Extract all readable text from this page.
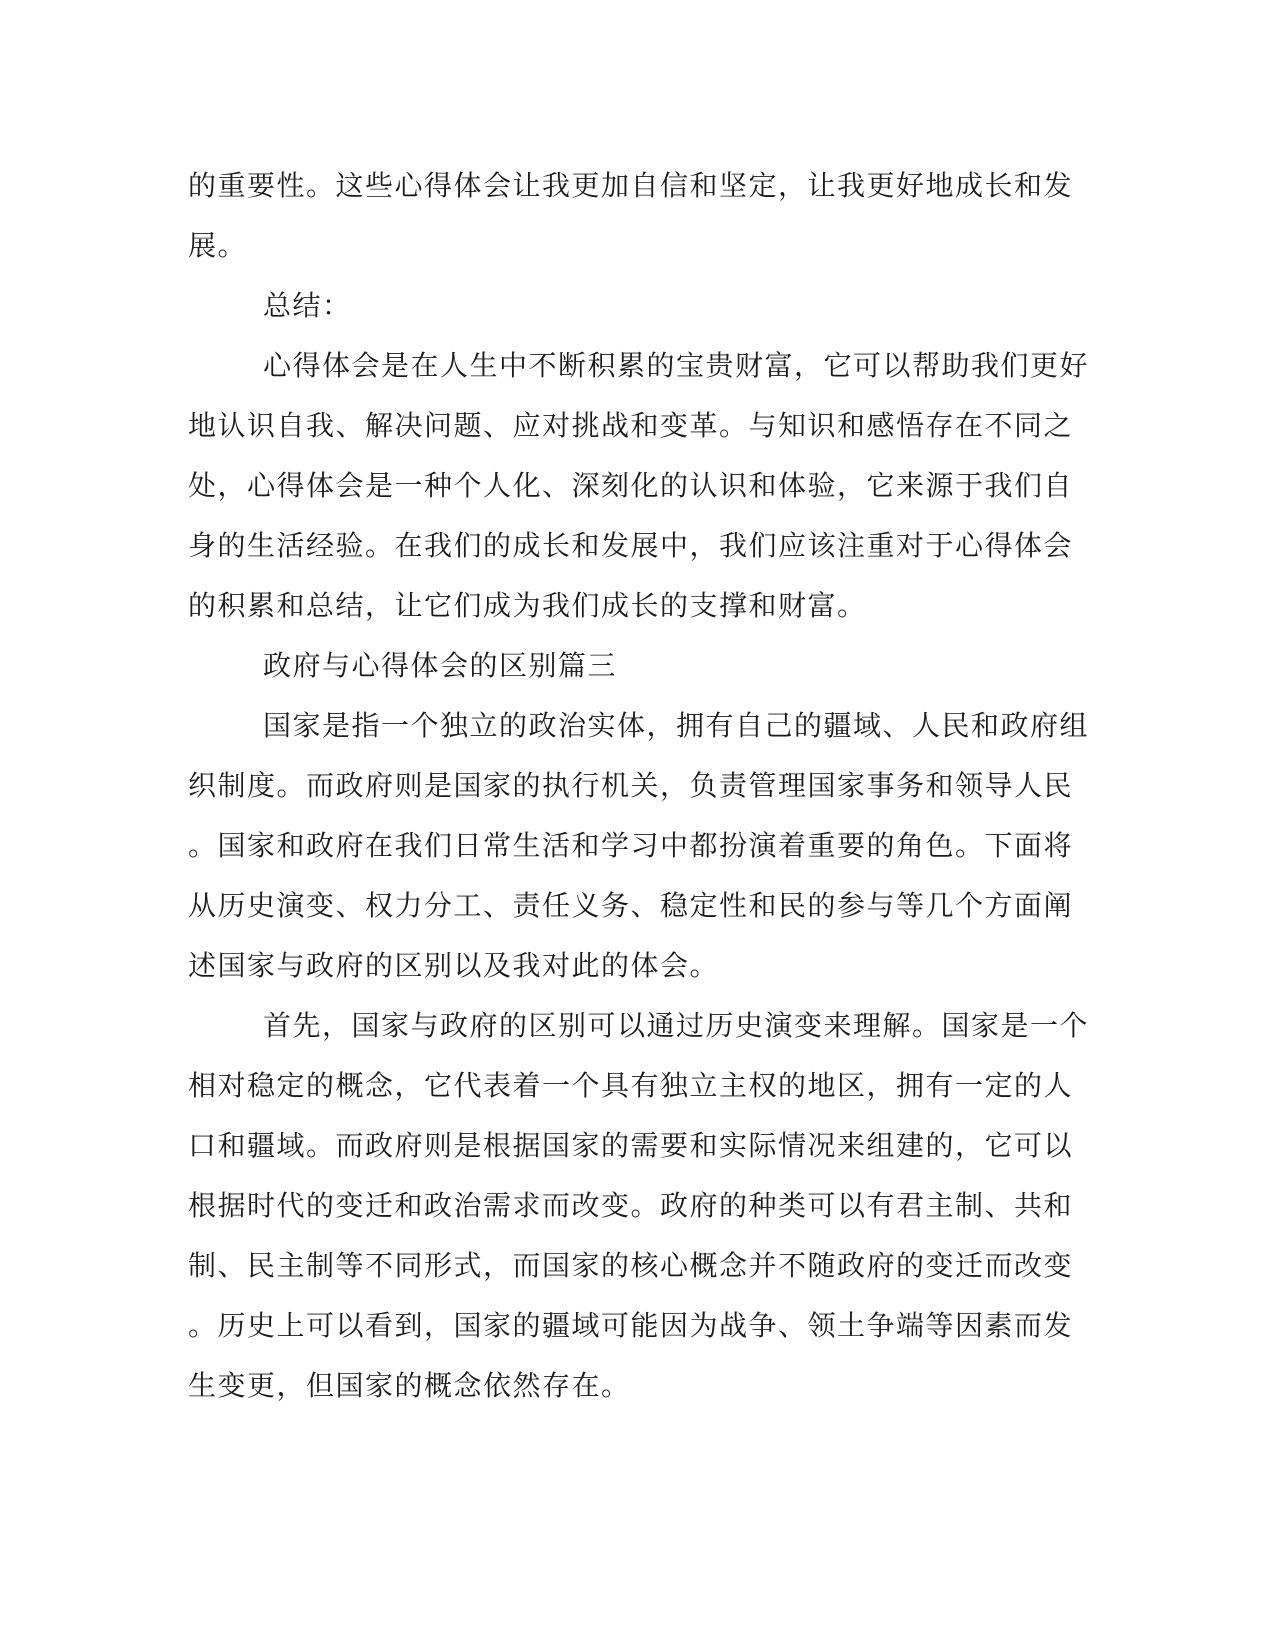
的重要性。这些心得体会让我更加自信和坚定，让我更好地成长和发
展。
总结：
心得体会是在人生中不断积累的宝贵财富，它可以帮助我们更好
地认识自我、解决问题、应对挑战和变革。与知识和感悟存在不同之
处，心得体会是一种个人化、深刻化的认识和体验，它来源于我们自
身的生活经验。在我们的成长和发展中，我们应该注重对于心得体会
的积累和总结，让它们成为我们成长的支撑和财富。
政府与心得体会的区别篇三
国家是指一个独立的政治实体，拥有自己的疆域、人民和政府组
织制度。而政府则是国家的执行机关，负责管理国家事务和领导人民
。国家和政府在我们日常生活和学习中都扮演着重要的角色。下面将
从历史演变、权力分工、责任义务、稳定性和民的参与等几个方面阐
述国家与政府的区别以及我对此的体会。
首先，国家与政府的区别可以通过历史演变来理解。国家是一个
相对稳定的概念，它代表着一个具有独立主权的地区，拥有一定的人
口和疆域。而政府则是根据国家的需要和实际情况来组建的，它可以
根据时代的变迁和政治需求而改变。政府的种类可以有君主制、共和
制、民主制等不同形式，而国家的核心概念并不随政府的变迁而改变
。历史上可以看到，国家的疆域可能因为战争、领土争端等因素而发
生变更，但国家的概念依然存在。
